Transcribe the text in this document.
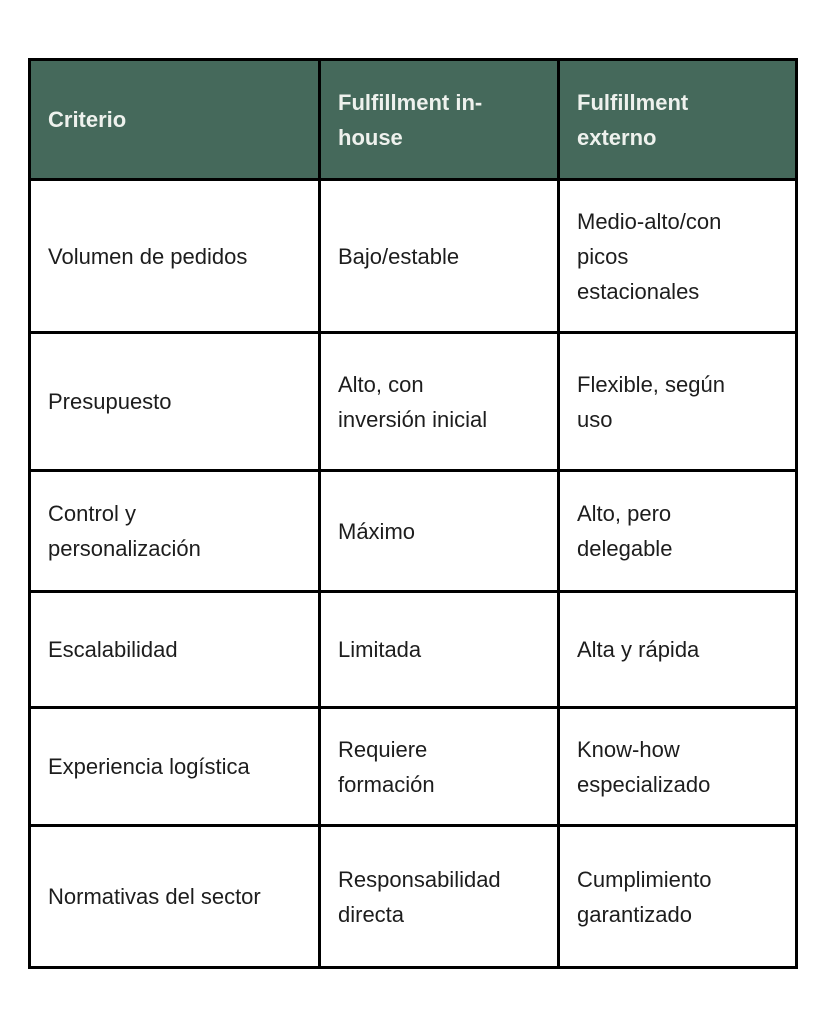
Criterio	Fulfillment in-house	Fulfillment externo

Volumen de pedidos	Bajo/estable	Medio-alto/con picos estacionales

Presupuesto	Alto, con inversión inicial	Flexible, según uso

Control y personalización	Máximo	Alto, pero delegable

Escalabilidad	Limitada	Alta y rápida

Experiencia logística	Requiere formación	Know-how especializado

Normativas del sector	Responsabilidad directa	Cumplimiento garantizado
